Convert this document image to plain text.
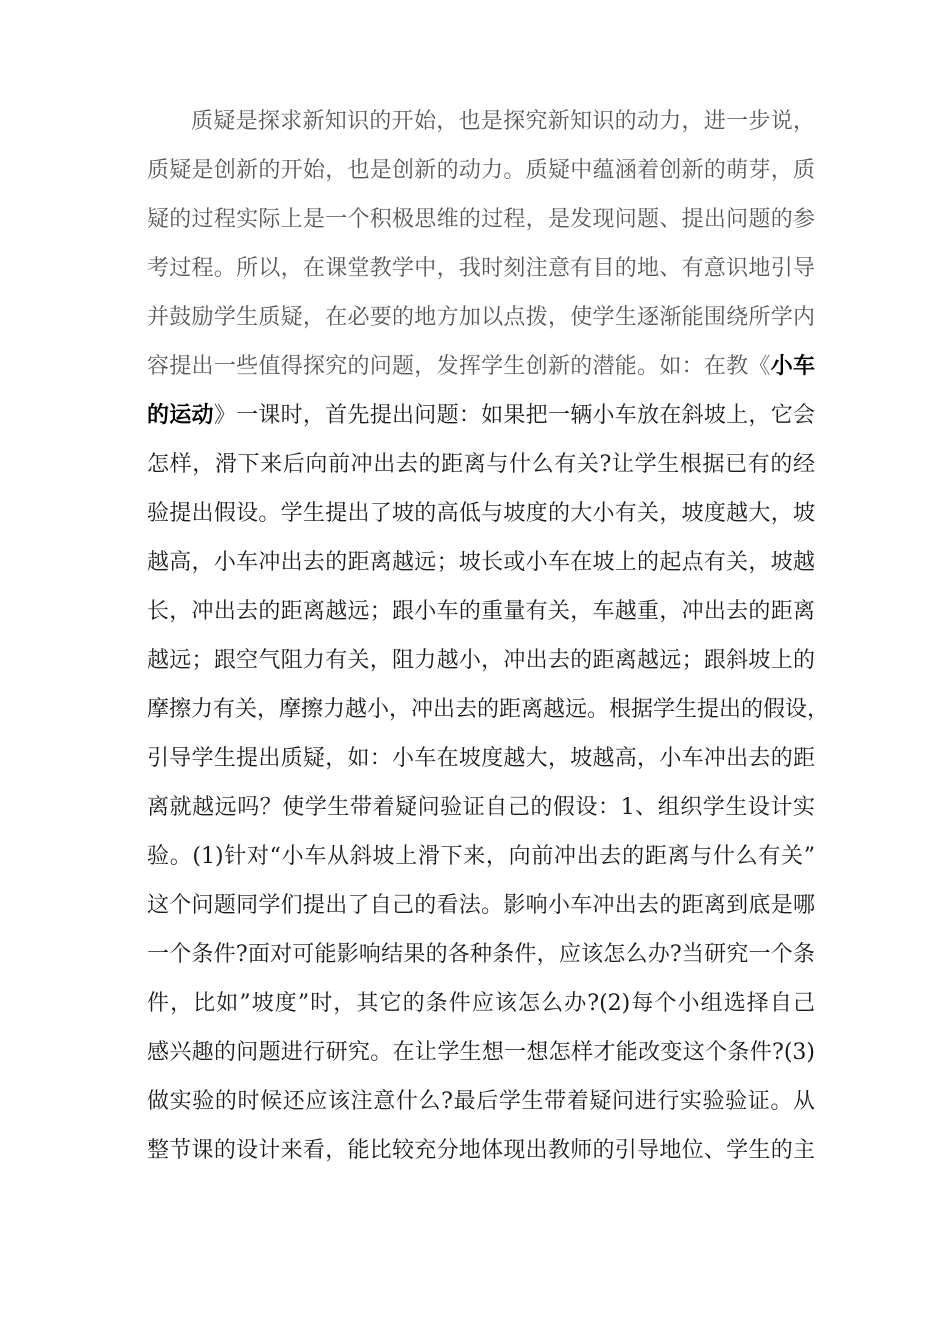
质疑是探求新知识的开始，也是探究新知识的动力，进一步说，
质疑是创新的开始，也是创新的动力。质疑中蕴涵着创新的萌芽，质
疑的过程实际上是一个积极思维的过程，是发现问题、提出问题的参
考过程。所以，在课堂教学中，我时刻注意有目的地、有意识地引导
并鼓励学生质疑，在必要的地方加以点拨，使学生逐渐能围绕所学内
容提出一些值得探究的问题，发挥学生创新的潜能。如：在教《小车
的运动》一课时，首先提出问题：如果把一辆小车放在斜坡上，它会
怎样，滑下来后向前冲出去的距离与什么有关?让学生根据已有的经
验提出假设。学生提出了坡的高低与坡度的大小有关，坡度越大，坡
越高，小车冲出去的距离越远；坡长或小车在坡上的起点有关，坡越
长，冲出去的距离越远；跟小车的重量有关，车越重，冲出去的距离
越远；跟空气阻力有关，阻力越小，冲出去的距离越远；跟斜坡上的
摩擦力有关，摩擦力越小，冲出去的距离越远。根据学生提出的假设，
引导学生提出质疑，如：小车在坡度越大，坡越高，小车冲出去的距
离就越远吗？使学生带着疑问验证自己的假设：1、组织学生设计实
验。(1)针对“小车从斜坡上滑下来，向前冲出去的距离与什么有关”
这个问题同学们提出了自己的看法。影响小车冲出去的距离到底是哪
一个条件?面对可能影响结果的各种条件，应该怎么办?当研究一个条
件，比如”坡度”时，其它的条件应该怎么办?(2)每个小组选择自己
感兴趣的问题进行研究。在让学生想一想怎样才能改变这个条件?(3)
做实验的时候还应该注意什么?最后学生带着疑问进行实验验证。从
整节课的设计来看，能比较充分地体现出教师的引导地位、学生的主
